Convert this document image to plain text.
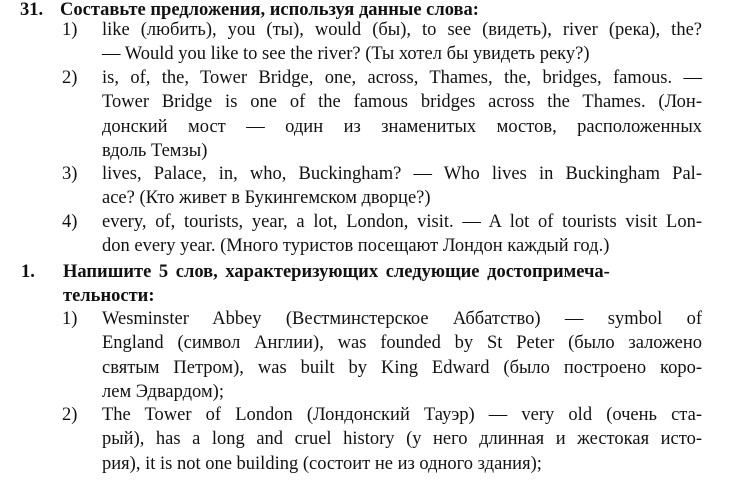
31. Составьте предложения, используя данные слова:
1) like (любить), you (ты), would (бы), to see (видеть), river (река), the?
— Would you like to see the river? (Ты хотел бы увидеть реку?)
2) is, of, the, Tower Bridge, one, across, Thames, the, bridges, famous. —
Tower Bridge is one of the famous bridges across the Thames. (Лон-
донский мост — один из знаменитых мостов, расположенных
вдоль Темзы)
3) lives, Palace, in, who, Buckingham? — Who lives in Buckingham Pal-
ace? (Кто живет в Букингемском дворце?)
4) every, of, tourists, year, a lot, London, visit. — A lot of tourists visit Lon-
don every year. (Много туристов посещают Лондон каждый год.)
1. Напишите 5 слов, характеризующих следующие достопримеча-
тельности:
1) Wesminster Abbey (Вестминстерское Аббатство) — symbol of
England (символ Англии), was founded by St Peter (было заложено
святым Петром), was built by King Edward (было построено коро-
лем Эдвардом);
2) The Tower of London (Лондонский Тауэр) — very old (очень ста-
рый), has a long and cruel history (у него длинная и жестокая исто-
рия), it is not one building (состоит не из одного здания);
